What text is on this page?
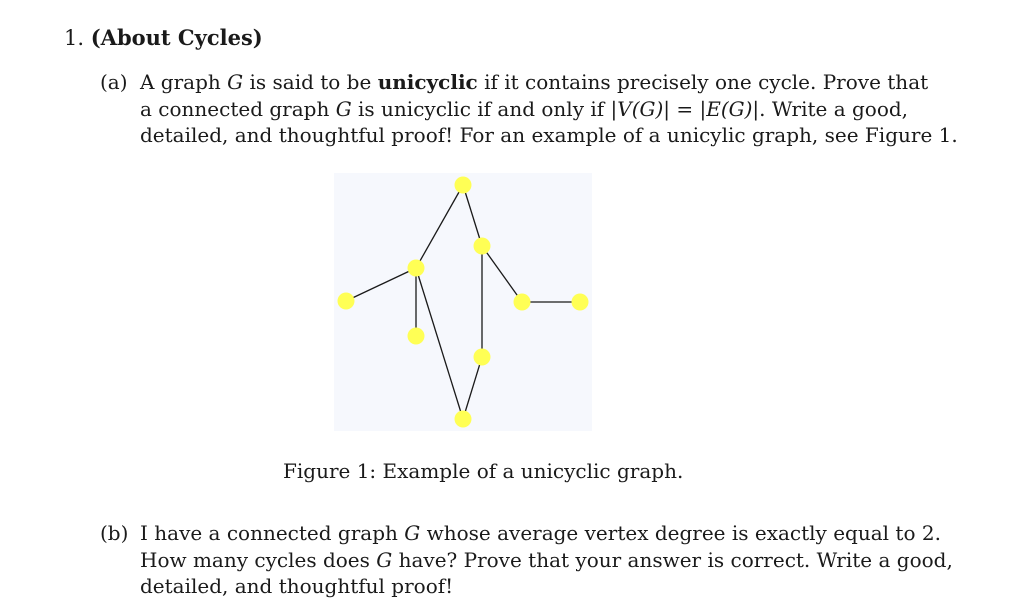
1. (About Cycles)
(a) A graph G is said to be unicyclic if it contains precisely one cycle. Prove that
a connected graph G is unicyclic if and only if |V(G)| = |E(G)|. Write a good,
detailed, and thoughtful proof! For an example of a unicylic graph, see Figure 1.
Figure 1: Example of a unicyclic graph.
(b) I have a connected graph G whose average vertex degree is exactly equal to 2.
How many cycles does G have? Prove that your answer is correct. Write a good,
detailed, and thoughtful proof!
